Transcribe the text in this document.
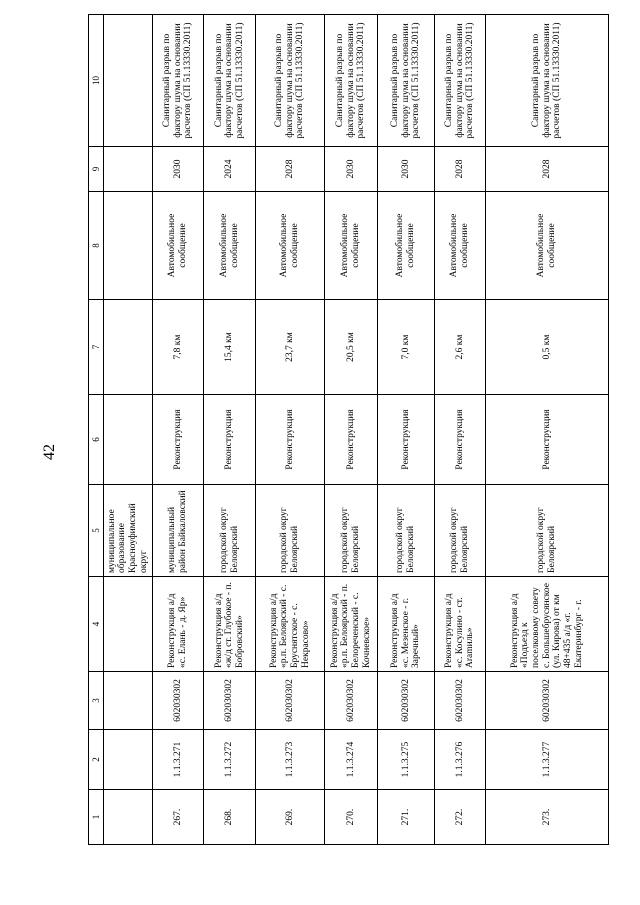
42
1	2	3	4	5	6	7	8	9	10
				муниципальное образование Красноуфимский округ					
267.	1.1.3.271	602030302	Реконструкция а/д «с. Елань - д. Яр»	муниципальный район Байкаловский	Реконструкция	7,8 км	Автомобильное сообщение	2030	Санитарный разрыв по фактору шума на основании расчетов (СП 51.13330.2011)
268.	1.1.3.272	602030302	Реконструкция а/д «ж/д ст. Глубокое - п. Бобровский»	городской округ Белоярский	Реконструкция	15,4 км	Автомобильное сообщение	2024	Санитарный разрыв по фактору шума на основании расчетов (СП 51.13330.2011)
269.	1.1.3.273	602030302	Реконструкция а/д «р.п. Белоярский - с. Бруснятское - с. Некрасово»	городской округ Белоярский	Реконструкция	23,7 км	Автомобильное сообщение	2028	Санитарный разрыв по фактору шума на основании расчетов (СП 51.13330.2011)
270.	1.1.3.274	602030302	Реконструкция а/д «р.п. Белоярский - п. Белореченский - с. Кочневское»	городской округ Белоярский	Реконструкция	20,5 км	Автомобильное сообщение	2030	Санитарный разрыв по фактору шума на основании расчетов (СП 51.13330.2011)
271.	1.1.3.275	602030302	Реконструкция а/д «с. Мезенское - г. Заречный»	городской округ Белоярский	Реконструкция	7,0 км	Автомобильное сообщение	2030	Санитарный разрыв по фактору шума на основании расчетов (СП 51.13330.2011)
272.	1.1.3.276	602030302	Реконструкция а/д «с. Косулино - ст. Аramиль»	городской округ Белоярский	Реконструкция	2,6 км	Автомобильное сообщение	2028	Санитарный разрыв по фактору шума на основании расчетов (СП 51.13330.2011)
273.	1.1.3.277	602030302	Реконструкция а/д «Подъезд к поселковому совету с. Большебрусянское (ул. Кирова) от км 48+435 а/д «г. Екатеринбург - г.	городской округ Белоярский	Реконструкция	0,5 км	Автомобильное сообщение	2028	Санитарный разрыв по фактору шума на основании расчетов (СП 51.13330.2011)
